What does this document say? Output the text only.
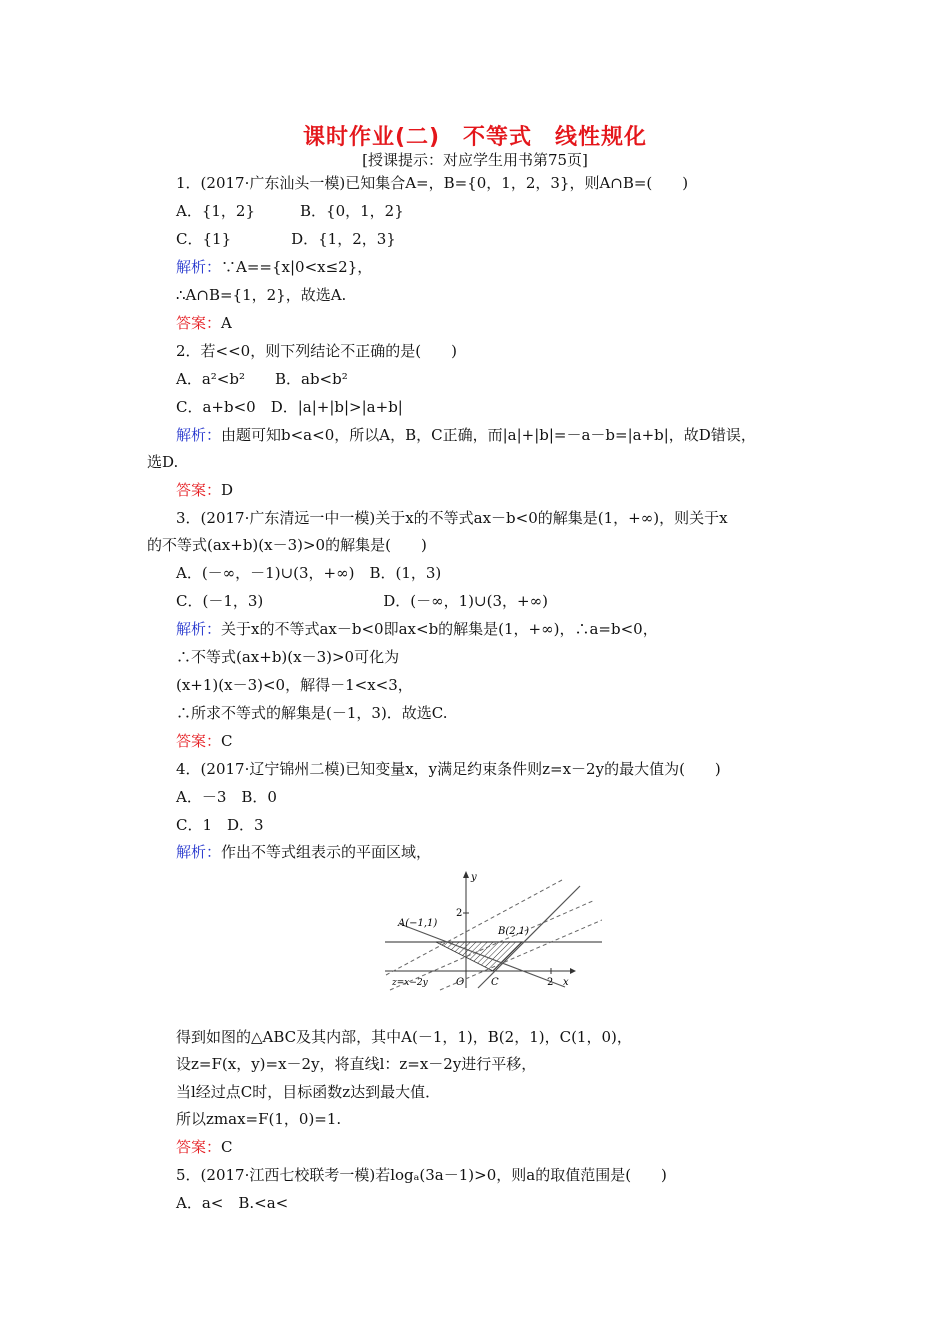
课时作业(二)　不等式　线性规化
[授课提示：对应学生用书第75页]
1．(2017·广东汕头一模)已知集合A=，B={0，1，2，3}，则A∩B=(　　)
A．{1，2}　　　B．{0，1，2}
C．{1}　　　　D．{1，2，3}
解析：∵A=={x|0<x≤2}，
∴A∩B={1，2}，故选A.
答案：A
2．若<<0，则下列结论不正确的是(　　)
A．a²<b²　　B．ab<b²
C．a+b<0　D．|a|+|b|>|a+b|
解析：由题可知b<a<0，所以A，B，C正确，而|a|+|b|=－a－b=|a+b|，故D错误，
选D.
答案：D
3．(2017·广东清远一中一模)关于x的不等式ax－b<0的解集是(1，+∞)，则关于x
的不等式(ax+b)(x－3)>0的解集是(　　)
A．(－∞，－1)∪(3，+∞)　B．(1，3)
C．(－1，3)　　　　　　　　D．(－∞，1)∪(3，+∞)
解析：关于x的不等式ax－b<0即ax<b的解集是(1，+∞)，∴a=b<0，
∴不等式(ax+b)(x－3)>0可化为
(x+1)(x－3)<0，解得－1<x<3，
∴所求不等式的解集是(－1，3)．故选C.
答案：C
4．(2017·辽宁锦州二模)已知变量x，y满足约束条件则z=x－2y的最大值为(　　)
A．－3　B．0
C．1　D．3
解析：作出不等式组表示的平面区域，
y
x
O
2
2
A(−1,1)
B(2,1)
C
z=x−2y
得到如图的△ABC及其内部，其中A(－1，1)，B(2，1)，C(1，0)，
设z=F(x，y)=x－2y，将直线l：z=x－2y进行平移，
当l经过点C时，目标函数z达到最大值．
所以zmax=F(1，0)=1.
答案：C
5．(2017·江西七校联考一模)若logₐ(3a－1)>0，则a的取值范围是(　　)
A．a<　B.<a<
